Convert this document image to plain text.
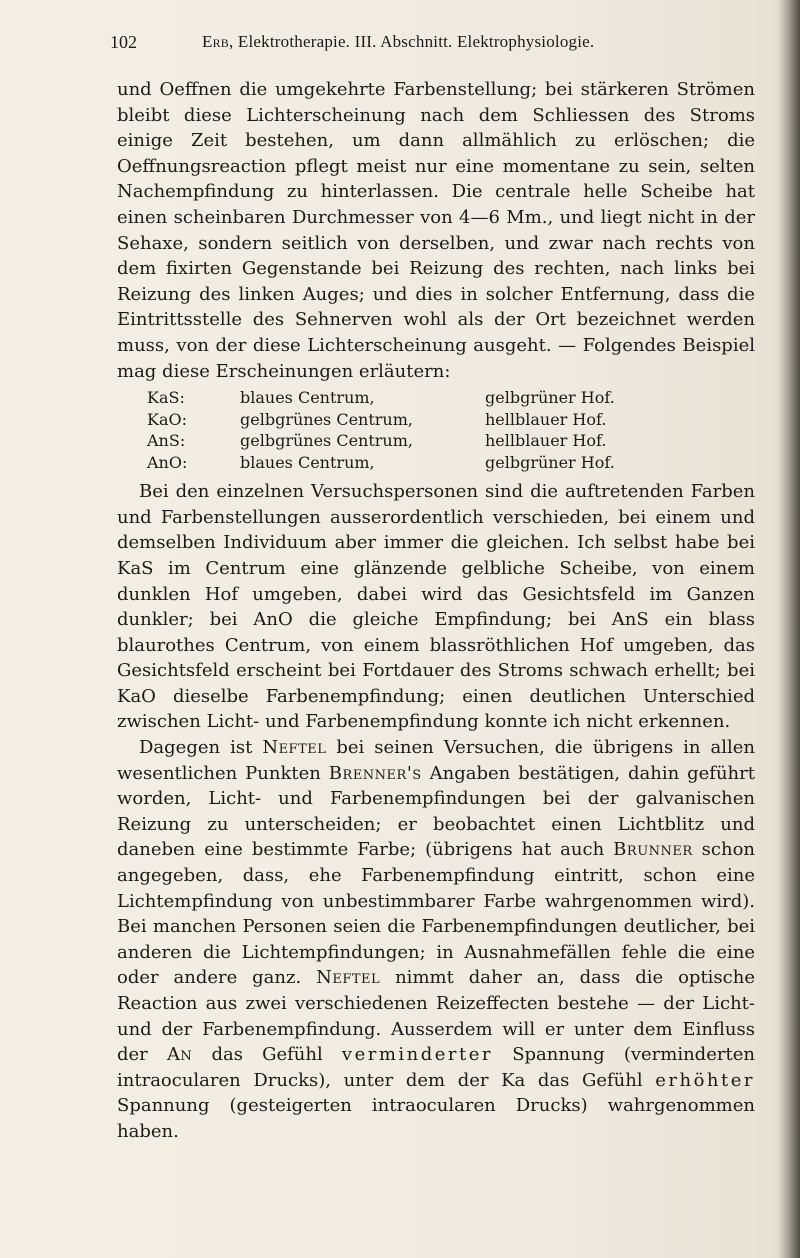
102	Erb, Elektrotherapie. III. Abschnitt. Elektrophysiologie.

und Oeffnen die umgekehrte Farbenstellung; bei stärkeren Strömen bleibt diese Lichterscheinung nach dem Schliessen des Stroms einige Zeit bestehen, um dann allmählich zu erlöschen; die Oeffnungsreaction pflegt meist nur eine momentane zu sein, selten Nachempfindung zu hinterlassen. Die centrale helle Scheibe hat einen scheinbaren Durchmesser von 4—6 Mm., und liegt nicht in der Sehaxe, sondern seitlich von derselben, und zwar nach rechts von dem fixirten Gegenstande bei Reizung des rechten, nach links bei Reizung des linken Auges; und dies in solcher Entfernung, dass die Eintrittsstelle des Sehnerven wohl als der Ort bezeichnet werden muss, von der diese Lichterscheinung ausgeht. — Folgendes Beispiel mag diese Erscheinungen erläutern:

KaS:	blaues Centrum,	gelbgrüner Hof.
KaO:	gelbgrünes Centrum,	hellblauer Hof.
AnS:	gelbgrünes Centrum,	hellblauer Hof.
AnO:	blaues Centrum,	gelbgrüner Hof.

Bei den einzelnen Versuchspersonen sind die auftretenden Farben und Farbenstellungen ausserordentlich verschieden, bei einem und demselben Individuum aber immer die gleichen. Ich selbst habe bei KaS im Centrum eine glänzende gelbliche Scheibe, von einem dunklen Hof umgeben, dabei wird das Gesichtsfeld im Ganzen dunkler; bei AnO die gleiche Empfindung; bei AnS ein blass blaurothes Centrum, von einem blassröthlichen Hof umgeben, das Gesichtsfeld erscheint bei Fortdauer des Stroms schwach erhellt; bei KaO dieselbe Farbenempfindung; einen deutlichen Unterschied zwischen Licht- und Farbenempfindung konnte ich nicht erkennen.

Dagegen ist Neftel bei seinen Versuchen, die übrigens in allen wesentlichen Punkten Brenner's Angaben bestätigen, dahin geführt worden, Licht- und Farbenempfindungen bei der galvanischen Reizung zu unterscheiden; er beobachtet einen Lichtblitz und daneben eine bestimmte Farbe; (übrigens hat auch Brunner schon angegeben, dass, ehe Farbenempfindung eintritt, schon eine Lichtempfindung von unbestimmbarer Farbe wahrgenommen wird). Bei manchen Personen seien die Farbenempfindungen deutlicher, bei anderen die Lichtempfindungen; in Ausnahmefällen fehle die eine oder andere ganz. Neftel nimmt daher an, dass die optische Reaction aus zwei verschiedenen Reizeffecten bestehe — der Licht- und der Farbenempfindung. Ausserdem will er unter dem Einfluss der An das Gefühl verminderter Spannung (verminderten intraocularen Drucks), unter dem der Ka das Gefühl erhöhter Spannung (gesteigerten intraocularen Drucks) wahrgenommen haben.
